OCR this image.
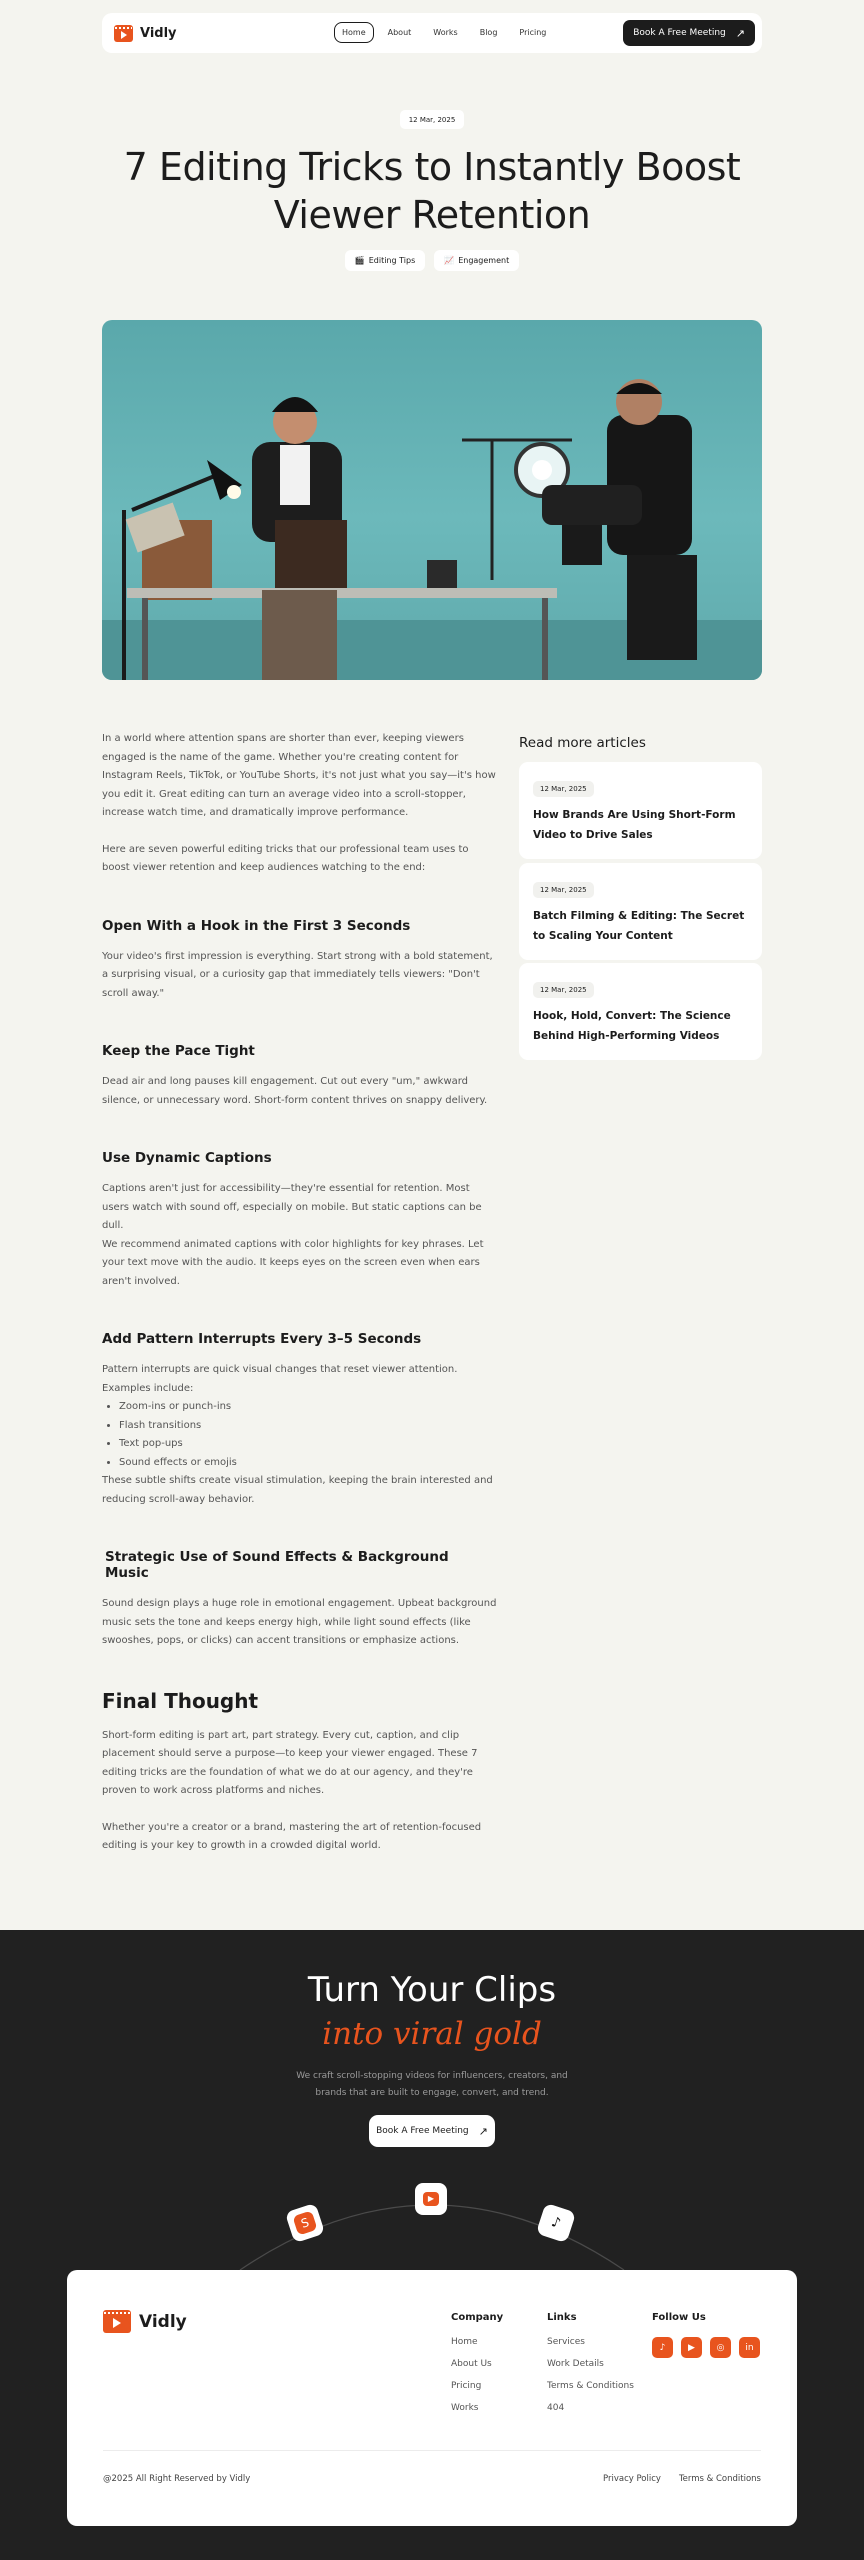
Vidly	Home	About	Works	Blog	Pricing	Book A Free Meeting ↗
12 Mar, 2025
7 Editing Tricks to Instantly Boost Viewer Retention
🎬 Editing Tips	📈 Engagement

In a world where attention spans are shorter than ever, keeping viewers engaged is the name of the game. Whether you're creating content for Instagram Reels, TikTok, or YouTube Shorts, it's not just what you say—it's how you edit it. Great editing can turn an average video into a scroll-stopper, increase watch time, and dramatically improve performance.

Here are seven powerful editing tricks that our professional team uses to boost viewer retention and keep audiences watching to the end:

Open With a Hook in the First 3 Seconds

Your video's first impression is everything. Start strong with a bold statement, a surprising visual, or a curiosity gap that immediately tells viewers: "Don't scroll away."

Keep the Pace Tight

Dead air and long pauses kill engagement. Cut out every "um," awkward silence, or unnecessary word. Short-form content thrives on snappy delivery.

Use Dynamic Captions

Captions aren't just for accessibility—they're essential for retention. Most users watch with sound off, especially on mobile. But static captions can be dull.

We recommend animated captions with color highlights for key phrases. Let your text move with the audio. It keeps eyes on the screen even when ears aren't involved.

Add Pattern Interrupts Every 3–5 Seconds

Pattern interrupts are quick visual changes that reset viewer attention.

Examples include:

• Zoom-ins or punch-ins
• Flash transitions
• Text pop-ups
• Sound effects or emojis

These subtle shifts create visual stimulation, keeping the brain interested and reducing scroll-away behavior.

Strategic Use of Sound Effects & Background Music

Sound design plays a huge role in emotional engagement. Upbeat background music sets the tone and keeps energy high, while light sound effects (like swooshes, pops, or clicks) can accent transitions or emphasize actions.

Final Thought

Short-form editing is part art, part strategy. Every cut, caption, and clip placement should serve a purpose—to keep your viewer engaged. These 7 editing tricks are the foundation of what we do at our agency, and they're proven to work across platforms and niches.

Whether you're a creator or a brand, mastering the art of retention-focused editing is your key to growth in a crowded digital world.

Read more articles
12 Mar, 2025
How Brands Are Using Short-Form Video to Drive Sales
12 Mar, 2025
Batch Filming & Editing: The Secret to Scaling Your Content
12 Mar, 2025
Hook, Hold, Convert: The Science Behind High-Performing Videos
Turn Your Clips
into viral gold
We craft scroll-stopping videos for influencers, creators, and brands that are built to engage, convert, and trend.
Book A Free Meeting ↗
S
▶
♪
Vidly	Company
Home
About Us
Pricing
Works
Links
Services
Work Details
Terms & Conditions
404
Follow Us
♪	▶	◎	in
@2025 All Right Reserved by Vidly	Privacy Policy Terms & Conditions
